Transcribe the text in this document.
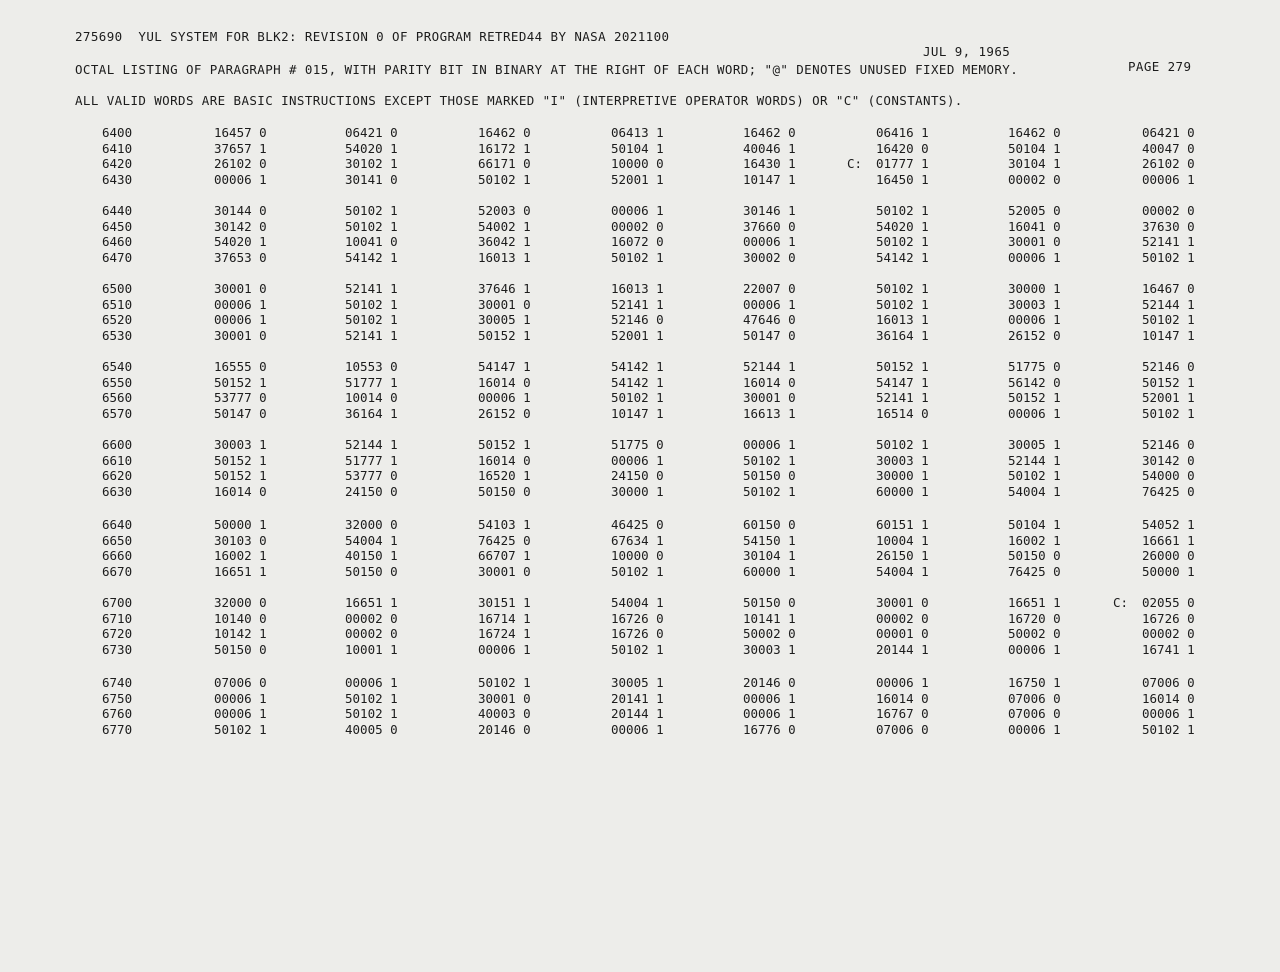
275690  YUL SYSTEM FOR BLK2: REVISION 0 OF PROGRAM RETRED44 BY NASA 2021100

JUL 9, 1965

PAGE 279

OCTAL LISTING OF PARAGRAPH # 015, WITH PARITY BIT IN BINARY AT THE RIGHT OF EACH WORD; "@" DENOTES UNUSED FIXED MEMORY.
ALL VALID WORDS ARE BASIC INSTRUCTIONS EXCEPT THOSE MARKED "I" (INTERPRETIVE OPERATOR WORDS) OR "C" (CONSTANTS).
6400	16457 0	06421 0	16462 0	06413 1	16462 0	06416 1	16462 0	06421 0
6410	37657 1	54020 1	16172 1	50104 1	40046 1	16420 0	50104 1	40047 0
6420	26102 0	30102 1	66171 0	10000 0	16430 1	01777 1	30104 1	26102 0
6430	00006 1	30141 0	50102 1	52001 1	10147 1	16450 1	00002 0	00006 1
6440	30144 0	50102 1	52003 0	00006 1	30146 1	50102 1	52005 0	00002 0
6450	30142 0	50102 1	54002 1	00002 0	37660 0	54020 1	16041 0	37630 0
6460	54020 1	10041 0	36042 1	16072 0	00006 1	50102 1	30001 0	52141 1
6470	37653 0	54142 1	16013 1	50102 1	30002 0	54142 1	00006 1	50102 1
6500	30001 0	52141 1	37646 1	16013 1	22007 0	50102 1	30000 1	16467 0
6510	00006 1	50102 1	30001 0	52141 1	00006 1	50102 1	30003 1	52144 1
6520	00006 1	50102 1	30005 1	52146 0	47646 0	16013 1	00006 1	50102 1
6530	30001 0	52141 1	50152 1	52001 1	50147 0	36164 1	26152 0	10147 1
6540	16555 0	10553 0	54147 1	54142 1	52144 1	50152 1	51775 0	52146 0
6550	50152 1	51777 1	16014 0	54142 1	16014 0	54147 1	56142 0	50152 1
6560	53777 0	10014 0	00006 1	50102 1	30001 0	52141 1	50152 1	52001 1
6570	50147 0	36164 1	26152 0	10147 1	16613 1	16514 0	00006 1	50102 1
6600	30003 1	52144 1	50152 1	51775 0	00006 1	50102 1	30005 1	52146 0
6610	50152 1	51777 1	16014 0	00006 1	50102 1	30003 1	52144 1	30142 0
6620	50152 1	53777 0	16520 1	24150 0	50150 0	30000 1	50102 1	54000 0
6630	16014 0	24150 0	50150 0	30000 1	50102 1	60000 1	54004 1	76425 0
6640	50000 1	32000 0	54103 1	46425 0	60150 0	60151 1	50104 1	54052 1
6650	30103 0	54004 1	76425 0	67634 1	54150 1	10004 1	16002 1	16661 1
6660	16002 1	40150 1	66707 1	10000 0	30104 1	26150 1	50150 0	26000 0
6670	16651 1	50150 0	30001 0	50102 1	60000 1	54004 1	76425 0	50000 1
6700	32000 0	16651 1	30151 1	54004 1	50150 0	30001 0	16651 1	02055 0
6710	10140 0	00002 0	16714 1	16726 0	10141 1	00002 0	16720 0	16726 0
6720	10142 1	00002 0	16724 1	16726 0	50002 0	00001 0	50002 0	00002 0
6730	50150 0	10001 1	00006 1	50102 1	30003 1	20144 1	00006 1	16741 1
6740	07006 0	00006 1	50102 1	30005 1	20146 0	00006 1	16750 1	07006 0
6750	00006 1	50102 1	30001 0	20141 1	00006 1	16014 0	07006 0	16014 0
6760	00006 1	50102 1	40003 0	20144 1	00006 1	16767 0	07006 0	00006 1
6770	50102 1	40005 0	20146 0	00006 1	16776 0	07006 0	00006 1	50102 1
C:
C:
